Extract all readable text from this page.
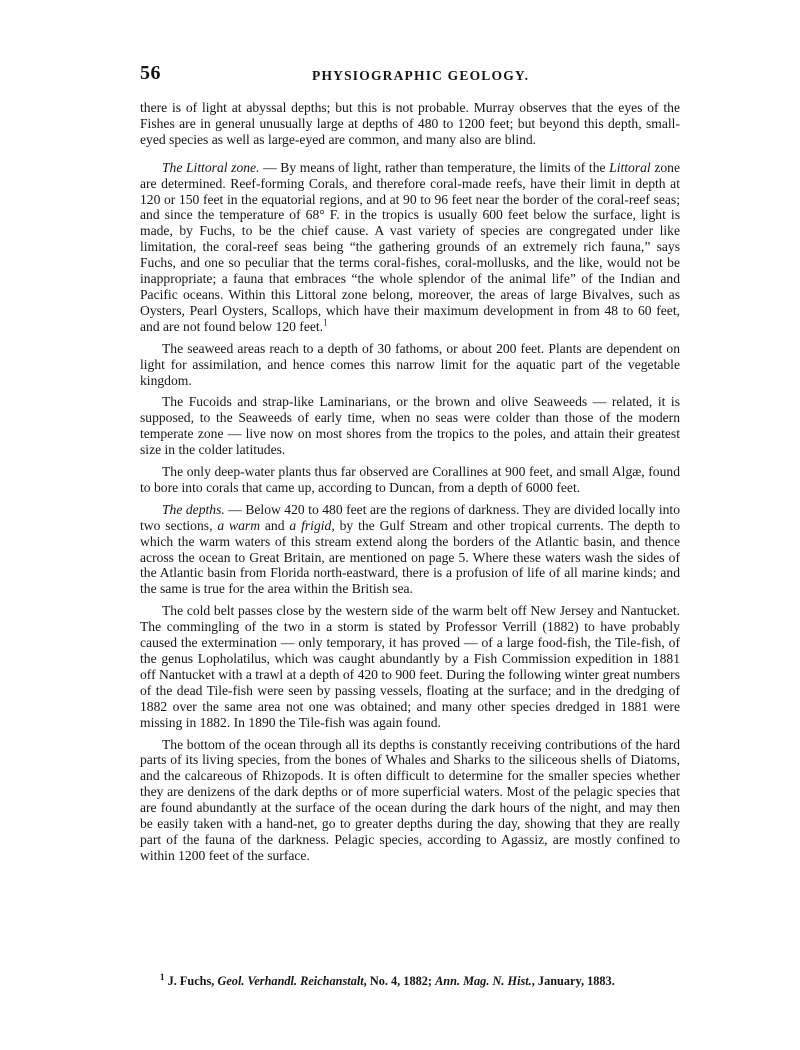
56	PHYSIOGRAPHIC GEOLOGY.

there is of light at abyssal depths; but this is not probable. Murray observes that the eyes of the Fishes are in general unusually large at depths of 480 to 1200 feet; but beyond this depth, small-eyed species as well as large-eyed are common, and many also are blind.

The Littoral zone. — By means of light, rather than temperature, the limits of the Littoral zone are determined. Reef-forming Corals, and therefore coral-made reefs, have their limit in depth at 120 or 150 feet in the equatorial regions, and at 90 to 96 feet near the border of the coral-reef seas; and since the temperature of 68° F. in the tropics is usually 600 feet below the surface, light is made, by Fuchs, to be the chief cause. A vast variety of species are congregated under like limitation, the coral-reef seas being “the gathering grounds of an extremely rich fauna,” says Fuchs, and one so peculiar that the terms coral-fishes, coral-mollusks, and the like, would not be inappropriate; a fauna that embraces “the whole splendor of the animal life” of the Indian and Pacific oceans. Within this Littoral zone belong, moreover, the areas of large Bivalves, such as Oysters, Pearl Oysters, Scallops, which have their maximum development in from 48 to 60 feet, and are not found below 120 feet.$^1$

The seaweed areas reach to a depth of 30 fathoms, or about 200 feet. Plants are dependent on light for assimilation, and hence comes this narrow limit for the aquatic part of the vegetable kingdom.

The Fucoids and strap-like Laminarians, or the brown and olive Seaweeds — related, it is supposed, to the Seaweeds of early time, when no seas were colder than those of the modern temperate zone — live now on most shores from the tropics to the poles, and attain their greatest size in the colder latitudes.

The only deep-water plants thus far observed are Corallines at 900 feet, and small Algæ, found to bore into corals that came up, according to Duncan, from a depth of 6000 feet.

The depths. — Below 420 to 480 feet are the regions of darkness. They are divided locally into two sections, a warm and a frigid, by the Gulf Stream and other tropical currents. The depth to which the warm waters of this stream extend along the borders of the Atlantic basin, and thence across the ocean to Great Britain, are mentioned on page 5. Where these waters wash the sides of the Atlantic basin from Florida north-eastward, there is a profusion of life of all marine kinds; and the same is true for the area within the British sea.

The cold belt passes close by the western side of the warm belt off New Jersey and Nantucket. The commingling of the two in a storm is stated by Professor Verrill (1882) to have probably caused the extermination — only temporary, it has proved — of a large food-fish, the Tile-fish, of the genus Lopholatilus, which was caught abundantly by a Fish Commission expedition in 1881 off Nantucket with a trawl at a depth of 420 to 900 feet. During the following winter great numbers of the dead Tile-fish were seen by passing vessels, floating at the surface; and in the dredging of 1882 over the same area not one was obtained; and many other species dredged in 1881 were missing in 1882. In 1890 the Tile-fish was again found.

The bottom of the ocean through all its depths is constantly receiving contributions of the hard parts of its living species, from the bones of Whales and Sharks to the siliceous shells of Diatoms, and the calcareous of Rhizopods. It is often difficult to determine for the smaller species whether they are denizens of the dark depths or of more superficial waters. Most of the pelagic species that are found abundantly at the surface of the ocean during the dark hours of the night, and may then be easily taken with a hand-net, go to greater depths during the day, showing that they are really part of the fauna of the darkness. Pelagic species, according to Agassiz, are mostly confined to within 1200 feet of the surface.

$^1$ J. Fuchs, Geol. Verhandl. Reichanstalt, No. 4, 1882; Ann. Mag. N. Hist., January, 1883.
